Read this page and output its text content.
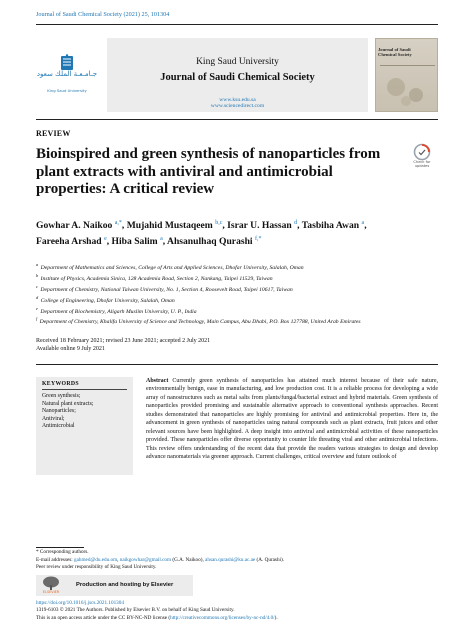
Journal of Saudi Chemical Society (2021) 25, 101304
جـامـعـة الملك سعود
King Saud University
King Saud University
Journal of Saudi Chemical Society
www.ksu.edu.sa
www.sciencedirect.com
Journal of Saudi
Chemical Society
REVIEW
Bioinspired and green synthesis of nanoparticles from plant extracts with antiviral and antimicrobial properties: A critical review
Check for
updates
Gowhar A. Naikoo $^{a,*}$, Mujahid Mustaqeem $^{b,c}$, Israr U. Hassan $^d$, Tasbiha Awan $^a$,
Fareeha Arshad $^e$, Hiba Salim $^a$, Ahsanulhaq Qurashi $^{f,*}$
$^a$ Department of Mathematics and Sciences, College of Arts and Applied Sciences, Dhofar University, Salalah, Oman
$^b$ Institute of Physics, Academia Sinica, 128 Academia Road, Section 2, Nankang, Taipei 11529, Taiwan
$^c$ Department of Chemistry, National Taiwan University, No. 1, Section 4, Roosevelt Road, Taipei 10617, Taiwan
$^d$ College of Engineering, Dhofar University, Salalah, Oman
$^e$ Department of Biochemistry, Aligarh Muslim University, U. P., India
$^f$ Department of Chemistry, Khalifa University of Science and Technology, Main Campus, Abu Dhabi, P.O. Box 127788, United Arab Emirates
Received 18 February 2021; revised 23 June 2021; accepted 2 July 2021
Available online 9 July 2021
KEYWORDS
Green synthesis;
Natural plant extracts;
Nanoparticles;
Antiviral;
Antimicrobial
Abstract Currently green synthesis of nanoparticles has attained much interest because of their safe nature, environmentally benign, ease in manufacturing, and low production cost. It is a reliable process for developing a wide array of nanostructures such as metal salts from plants/fungal/bacterial extract and hybrid materials. Green synthesis of nanoparticles provided promising and sustainable alternative approach to conventional synthesis approaches. Recent studies demonstrated that nanoparticles are highly promising for antiviral and antimicrobial properties. Here in, the advancement in green synthesis of nanoparticles using natural compounds such as plant extracts, fruit juices and other relevant sources have been highlighted. A deep insight into antiviral and antimicrobial activities of these nanoparticles provided. These nanoparticles offer diverse opportunity to counter life threating viral and other antimicrobial infections. This review offers understanding of the recent data that provide the readers various strategies to design and develop advance nanomaterials via greener approach. Current challenges, critical overview and future outlook of
* Corresponding authors.
E-mail addresses: gahmed@du.edu.om, naikgowhar@gmail.com (G.A. Naikoo), ahsan.qurashi@ku.ac.ae (A. Qurashi).
Peer review under responsibility of King Saud University.
ELSEVIER
Production and hosting by Elsevier
https://doi.org/10.1016/j.jscs.2021.101304
1319-6103 © 2021 The Authors. Published by Elsevier B.V. on behalf of King Saud University.
This is an open access article under the CC BY-NC-ND license (http://creativecommons.org/licenses/by-nc-nd/4.0/).
